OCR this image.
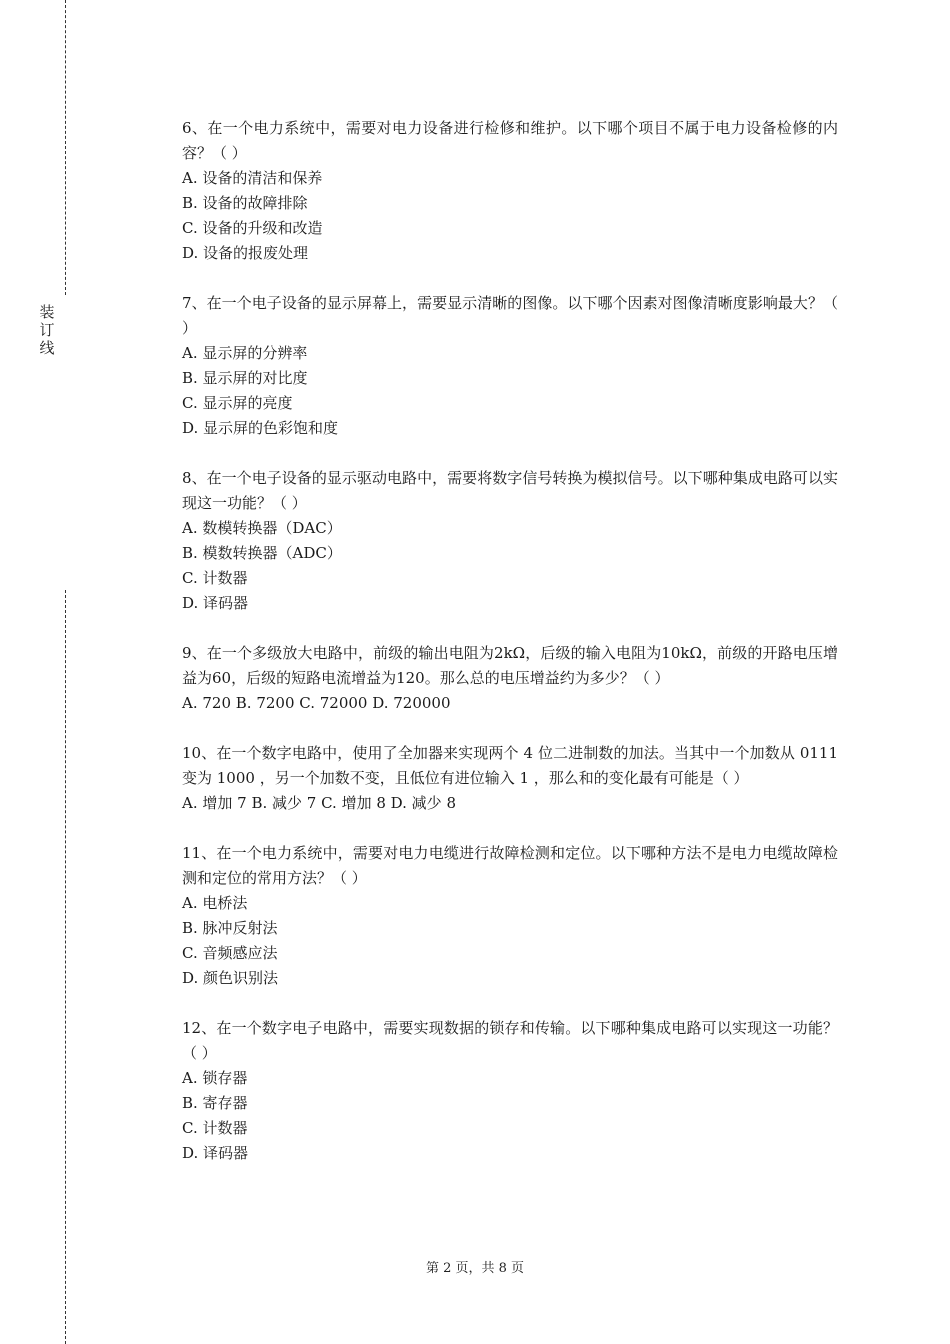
装
订
线

6、在一个电力系统中，需要对电力设备进行检修和维护。以下哪个项目不属于电力设备检修的内容？（ ）

A. 设备的清洁和保养

B. 设备的故障排除

C. 设备的升级和改造

D. 设备的报废处理

7、在一个电子设备的显示屏幕上，需要显示清晰的图像。以下哪个因素对图像清晰度影响最大？（ ）

A. 显示屏的分辨率

B. 显示屏的对比度

C. 显示屏的亮度

D. 显示屏的色彩饱和度

8、在一个电子设备的显示驱动电路中，需要将数字信号转换为模拟信号。以下哪种集成电路可以实现这一功能？（ ）

A. 数模转换器（DAC）

B. 模数转换器（ADC）

C. 计数器

D. 译码器

9、在一个多级放大电路中，前级的输出电阻为2kΩ，后级的输入电阻为10kΩ，前级的开路电压增益为60，后级的短路电流增益为120。那么总的电压增益约为多少？（ ）

A. 720 B. 7200 C. 72000 D. 720000

10、在一个数字电路中，使用了全加器来实现两个 4 位二进制数的加法。当其中一个加数从 0111 变为 1000 ，另一个加数不变，且低位有进位输入 1 ，那么和的变化最有可能是（ ）

A. 增加 7 B. 减少 7 C. 增加 8 D. 减少 8

11、在一个电力系统中，需要对电力电缆进行故障检测和定位。以下哪种方法不是电力电缆故障检测和定位的常用方法？（ ）

A. 电桥法

B. 脉冲反射法

C. 音频感应法

D. 颜色识别法

12、在一个数字电子电路中，需要实现数据的锁存和传输。以下哪种集成电路可以实现这一功能？（ ）

A. 锁存器

B. 寄存器

C. 计数器

D. 译码器

第 2 页，共 8 页
